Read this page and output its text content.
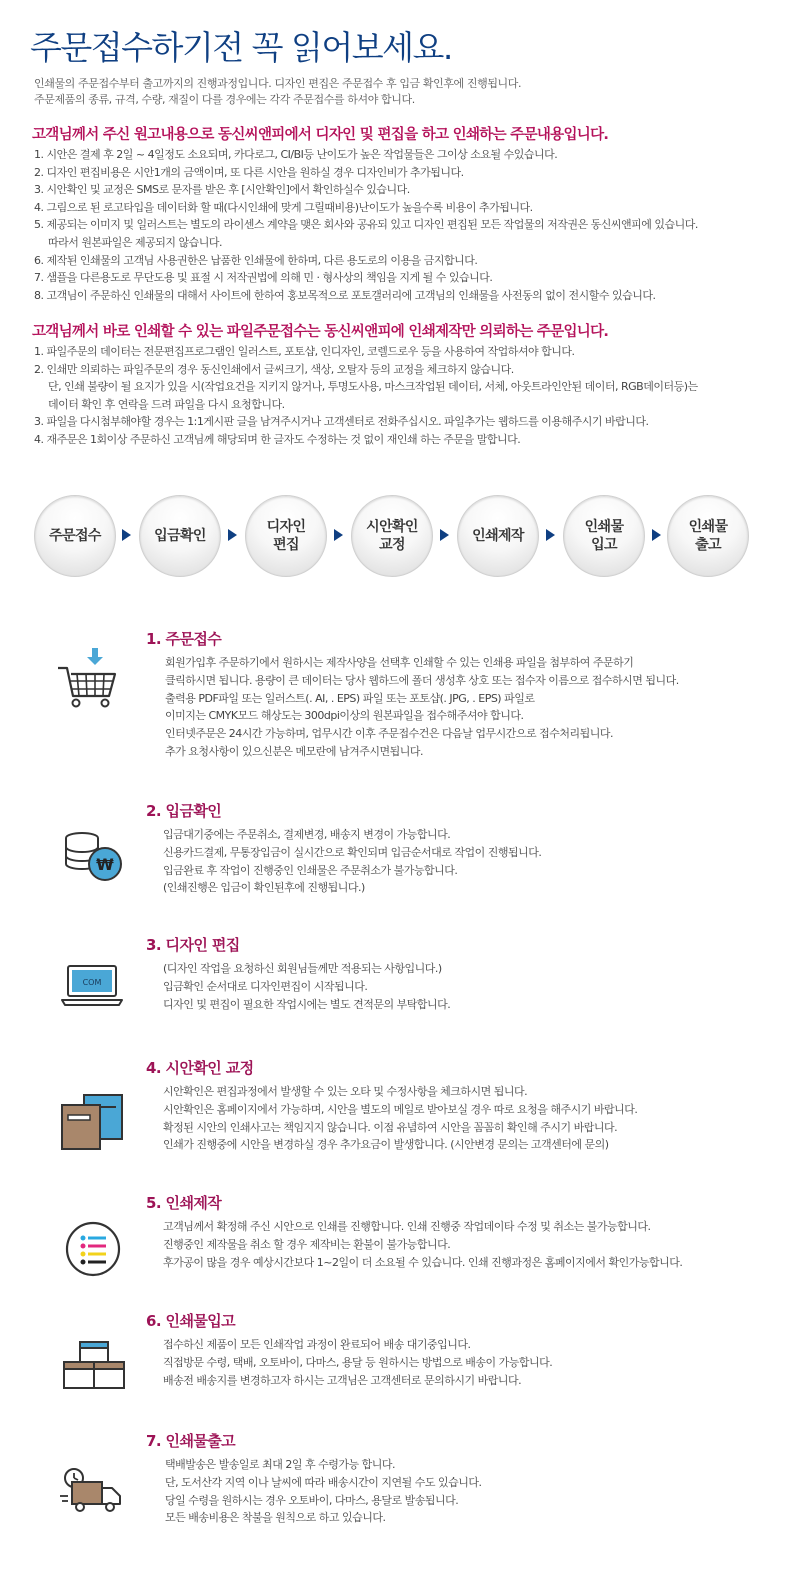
주문접수하기전 꼭 읽어보세요.

인쇄물의 주문접수부터 출고까지의 진행과정입니다. 디자인 편집은 주문접수 후 입금 확인후에 진행됩니다.

주문제품의 종류, 규격, 수량, 재질이 다를 경우에는 각각 주문접수를 하셔야 합니다.

고객님께서 주신 원고내용으로 동신씨앤피에서 디자인 및 편집을 하고 인쇄하는 주문내용입니다.

1. 시안은 결제 후 2일 ~ 4일정도 소요되며, 카다로그, CI/BI등 난이도가 높은 작업물들은 그이상 소요될 수있습니다.

2. 디자인 편집비용은 시안1개의 금액이며, 또 다른 시안을 원하실 경우 디자인비가 추가됩니다.

3. 시안확인 및 교정은 SMS로 문자를 받은 후 [시안확인]에서 확인하실수 있습니다.

4. 그림으로 된 로고타입을 데이터화 할 때(다시인쇄에 맞게 그릴때비용)난이도가 높을수록 비용이 추가됩니다.

5. 제공되는 이미지 및 일러스트는 별도의 라이센스 계약을 맺은 회사와 공유되 있고 디자인 편집된 모든 작업물의 저작권은 동신씨앤피에 있습니다.

따라서 원본파일은 제공되지 않습니다.

6. 제작된 인쇄물의 고객님 사용권한은 납품한 인쇄물에 한하며, 다른 용도로의 이용을 금지합니다.

7. 샘플을 다른용도로 무단도용 및 표절 시 저작권법에 의해 민 · 형사상의 책임을 지게 될 수 있습니다.

8. 고객님이 주문하신 인쇄물의 대해서 사이트에 한하여 홍보목적으로 포토갤러리에 고객님의 인쇄물을 사전동의 없이 전시할수 있습니다.

고객님께서 바로 인쇄할 수 있는 파일주문접수는 동신씨앤피에 인쇄제작만 의뢰하는 주문입니다.

1. 파일주문의 데이터는 전문편집프로그램인 일러스트, 포토샵, 인디자인, 코렐드로우 등을 사용하여 작업하셔야 합니다.

2. 인쇄만 의뢰하는 파일주문의 경우 동신인쇄에서 글씨크기, 색상, 오탈자 등의 교정을 체크하지 않습니다.

단, 인쇄 불량이 될 요지가 있을 시(작업요건을 지키지 않거나, 투명도사용, 마스크작업된 데이터, 서체, 아웃트라인안된 데이터, RGB데이터등)는

데이터 확인 후 연락을 드려 파일을 다시 요청합니다.

3. 파일을 다시첨부해야할 경우는 1:1게시판 글을 남겨주시거나 고객센터로 전화주십시오. 파일추가는 웹하드를 이용해주시기 바랍니다.

4. 재주문은 1회이상 주문하신 고객님께 해당되며 한 글자도 수정하는 것 없이 재인쇄 하는 주문을 말합니다.

주문접수	입금확인
디자인
편집
시안확인
교정
인쇄제작
인쇄물
입고
인쇄물
출고
1. 주문접수

회원가입후 주문하기에서 원하시는 제작사양을 선택후 인쇄할 수 있는 인쇄용 파일을 첨부하여 주문하기

클릭하시면 됩니다. 용량이 큰 데이터는 당사 웹하드에 폴더 생성후 상호 또는 접수자 이름으로 접수하시면 됩니다.

출력용 PDF파일 또는 일러스트(. AI, . EPS) 파일 또는 포토샵(. JPG, . EPS) 파일로

이미지는 CMYK모드 해상도는 300dpi이상의 원본파일을 접수해주셔야 합니다.

인터넷주문은 24시간 가능하며, 업무시간 이후 주문접수건은 다음날 업무시간으로 접수처리됩니다.

추가 요청사항이 있으신분은 메모란에 남겨주시면됩니다.

2. 입금확인
₩

입금대기중에는 주문취소, 결제변경, 배송지 변경이 가능합니다.

신용카드결제, 무통장입금이 실시간으로 확인되며 입금순서대로 작업이 진행됩니다.

입금완료 후 작업이 진행중인 인쇄물은 주문취소가 불가능합니다.

(인쇄진행은 입금이 확인된후에 진행됩니다.)

3. 디자인 편집
COM

(디자인 작업을 요청하신 회원님들께만 적용되는 사항입니다.)

입금확인 순서대로 디자인편집이 시작됩니다.

디자인 및 편집이 필요한 작업시에는 별도 견적문의 부탁합니다.

4. 시안확인 교정

시안확인은 편집과정에서 발생할 수 있는 오타 및 수정사항을 체크하시면 됩니다.

시안확인은 홈페이지에서 가능하며, 시안을 별도의 메일로 받아보실 경우 따로 요청을 해주시기 바랍니다.

확정된 시안의 인쇄사고는 책임지지 않습니다. 이점 유념하여 시안을 꼼꼼히 확인해 주시기 바랍니다.

인쇄가 진행중에 시안을 변경하실 경우 추가요금이 발생합니다. (시안변경 문의는 고객센터에 문의)

5. 인쇄제작

고객님께서 확정해 주신 시안으로 인쇄를 진행합니다. 인쇄 진행중 작업데이타 수정 및 취소는 불가능합니다.

진행중인 제작물을 취소 할 경우 제작비는 환불이 불가능합니다.

후가공이 많을 경우 예상시간보다 1~2일이 더 소요될 수 있습니다. 인쇄 진행과정은 홈페이지에서 확인가능합니다.

6. 인쇄물입고

접수하신 제품이 모든 인쇄작업 과정이 완료되어 배송 대기중입니다.

직접방문 수령, 택배, 오토바이, 다마스, 용달 등 원하시는 방법으로 배송이 가능합니다.

배송전 배송지를 변경하고자 하시는 고객님은 고객센터로 문의하시기 바랍니다.

7. 인쇄물출고

택배발송은 발송일로 최대 2일 후 수령가능 합니다.

단, 도서산각 지역 이나 날씨에 따라 배송시간이 지연될 수도 있습니다.

당일 수령을 원하시는 경우 오토바이, 다마스, 용달로 발송됩니다.

모든 배송비용은 착불을 원칙으로 하고 있습니다.
